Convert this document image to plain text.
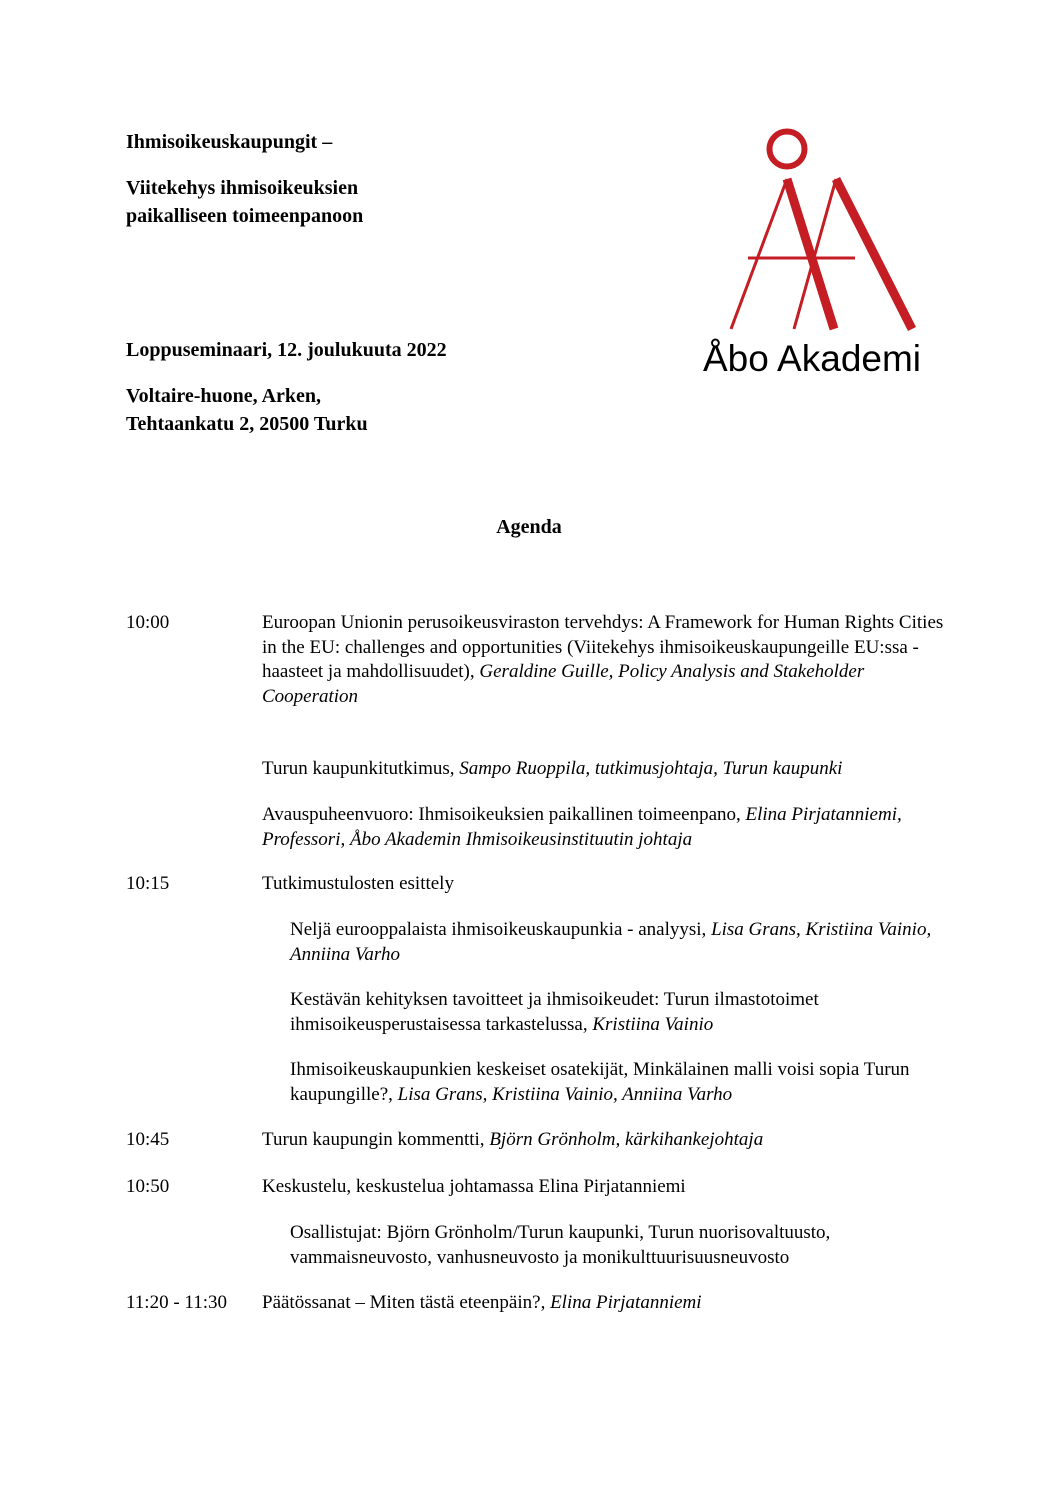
Ihmisoikeuskaupungit –
Viitekehys ihmisoikeuksien
paikalliseen toimeenpanoon
Loppuseminaari, 12. joulukuuta 2022
Voltaire-huone, Arken,
Tehtaankatu 2, 20500 Turku
Åbo Akademi
Agenda
10:00	Euroopan Unionin perusoikeusviraston tervehdys: A Framework for Human Rights Cities in the EU: challenges and opportunities (Viitekehys ihmisoikeuskaupungeille EU:ssa - haasteet ja mahdollisuudet), Geraldine Guille, Policy Analysis and Stakeholder Cooperation
Turun kaupunkitutkimus, Sampo Ruoppila, tutkimusjohtaja, Turun kaupunki
Avauspuheenvuoro: Ihmisoikeuksien paikallinen toimeenpano, Elina Pirjatanniemi, Professori, Åbo Akademin Ihmisoikeusinstituutin johtaja
10:15	Tutkimustulosten esittely
Neljä eurooppalaista ihmisoikeuskaupunkia - analyysi, Lisa Grans, Kristiina Vainio, Anniina Varho
Kestävän kehityksen tavoitteet ja ihmisoikeudet: Turun ilmastotoimet ihmisoikeusperustaisessa tarkastelussa, Kristiina Vainio
Ihmisoikeuskaupunkien keskeiset osatekijät, Minkälainen malli voisi sopia Turun kaupungille?, Lisa Grans, Kristiina Vainio, Anniina Varho
10:45	Turun kaupungin kommentti, Björn Grönholm, kärkihankejohtaja
10:50	Keskustelu, keskustelua johtamassa Elina Pirjatanniemi
Osallistujat: Björn Grönholm/Turun kaupunki, Turun nuorisovaltuusto, vammaisneuvosto, vanhusneuvosto ja monikulttuurisuusneuvosto
11:20 - 11:30 Päätössanat – Miten tästä eteenpäin?, Elina Pirjatanniemi
